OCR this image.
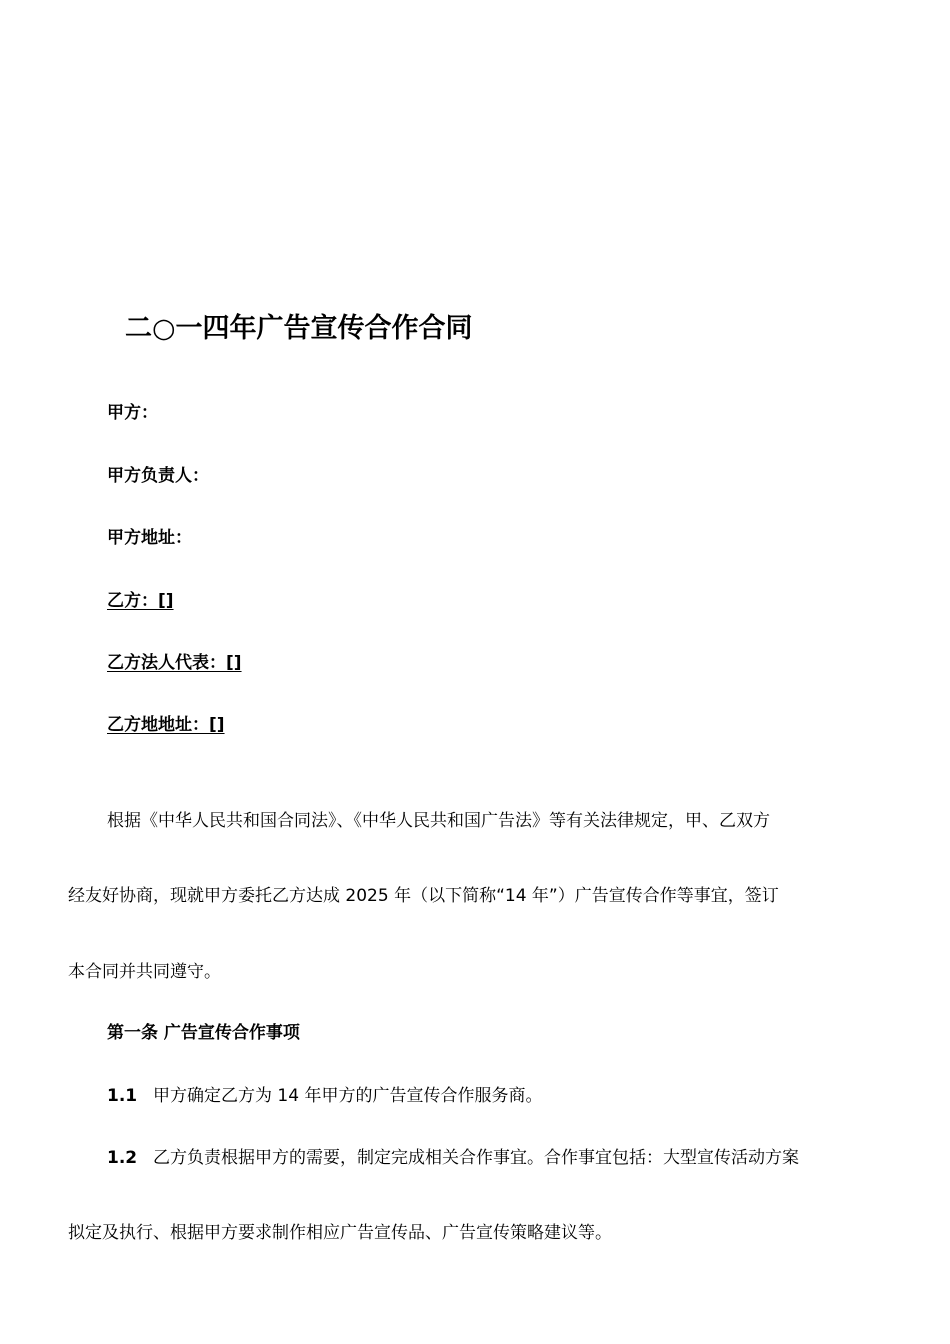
二○一四年广告宣传合作合同
甲方：
甲方负责人：
甲方地址：
乙方：[]
乙方法人代表：[]
乙方地地址：[]
根据《中华人民共和国合同法》、《中华人民共和国广告法》等有关法律规定，甲、乙双方
经友好协商，现就甲方委托乙方达成 2025 年（以下简称“14 年”）广告宣传合作等事宜，签订
本合同并共同遵守。
第一条 广告宣传合作事项
1.1 甲方确定乙方为 14 年甲方的广告宣传合作服务商。
1.2 乙方负责根据甲方的需要，制定完成相关合作事宜。合作事宜包括：大型宣传活动方案
拟定及执行、根据甲方要求制作相应广告宣传品、广告宣传策略建议等。
